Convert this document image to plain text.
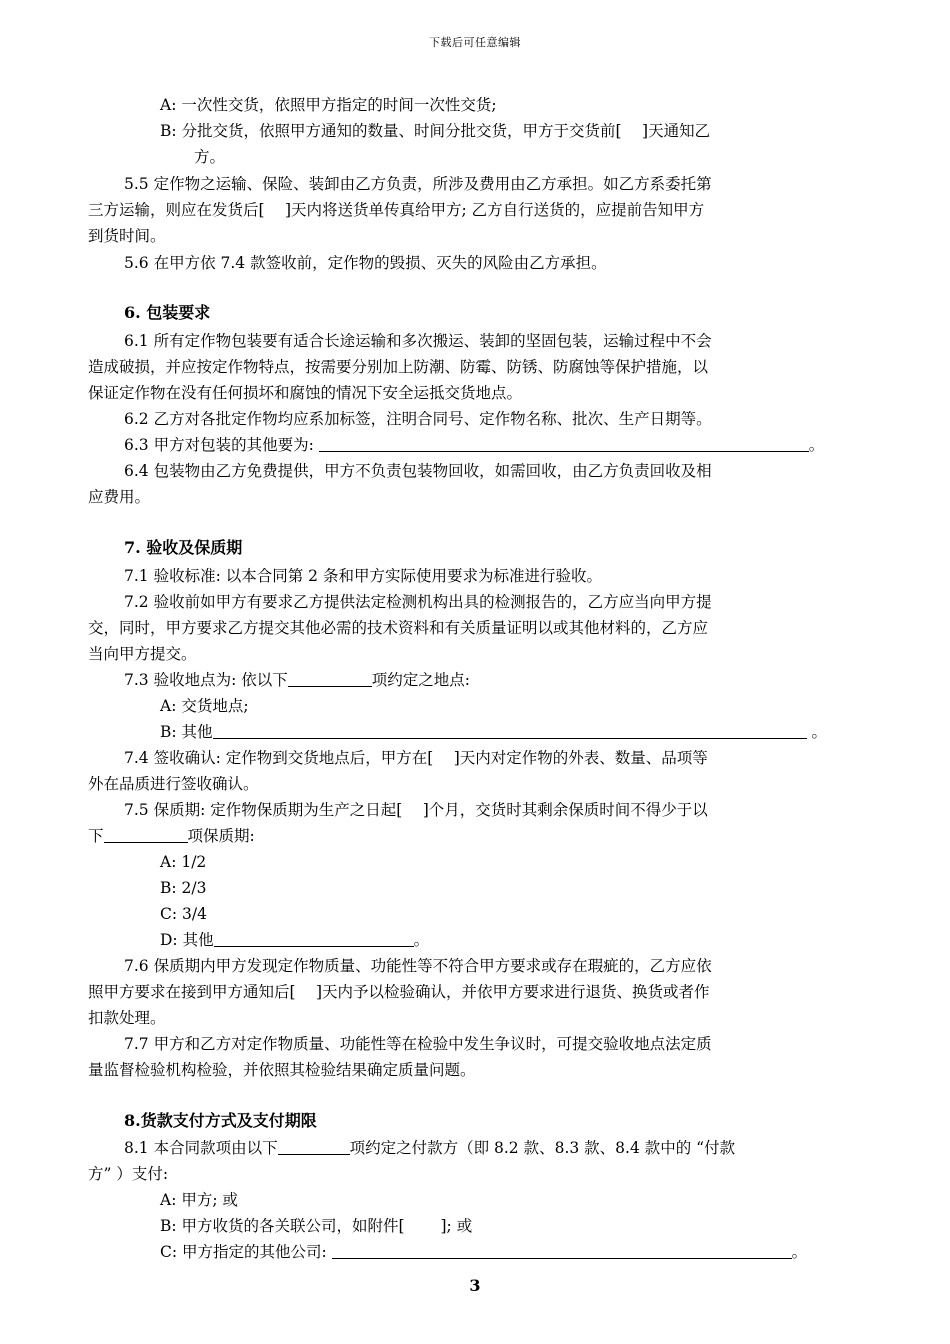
下载后可任意编辑
A: 一次性交货，依照甲方指定的时间一次性交货;
B: 分批交货，依照甲方通知的数量、时间分批交货，甲方于交货前[　 ]天通知乙
方。
5.5 定作物之运输、保险、装卸由乙方负责，所涉及费用由乙方承担。如乙方系委托第
三方运输，则应在发货后[　 ]天内将送货单传真给甲方; 乙方自行送货的，应提前告知甲方
到货时间。
5.6 在甲方依 7.4 款签收前，定作物的毁损、灭失的风险由乙方承担。
6. 包装要求
6.1 所有定作物包装要有适合长途运输和多次搬运、装卸的坚固包装，运输过程中不会
造成破损，并应按定作物特点，按需要分别加上防潮、防霉、防锈、防腐蚀等保护措施，以
保证定作物在没有任何损坏和腐蚀的情况下安全运抵交货地点。
6.2 乙方对各批定作物均应系加标签，注明合同号、定作物名称、批次、生产日期等。
6.3 甲方对包装的其他要为:	。
6.4 包装物由乙方免费提供，甲方不负责包装物回收，如需回收，由乙方负责回收及相
应费用。
7. 验收及保质期
7.1 验收标准: 以本合同第 2 条和甲方实际使用要求为标准进行验收。
7.2 验收前如甲方有要求乙方提供法定检测机构出具的检测报告的，乙方应当向甲方提
交，同时，甲方要求乙方提交其他必需的技术资料和有关质量证明以或其他材料的，乙方应
当向甲方提交。
7.3 验收地点为: 依以下	项约定之地点:
A: 交货地点;
B: 其他	。
7.4 签收确认: 定作物到交货地点后，甲方在[　 ]天内对定作物的外表、数量、品项等
外在品质进行签收确认。
7.5 保质期: 定作物保质期为生产之日起[　 ]个月，交货时其剩余保质时间不得少于以
下	项保质期:
A: 1/2
B: 2/3
C: 3/4
D: 其他	。
7.6 保质期内甲方发现定作物质量、功能性等不符合甲方要求或存在瑕疵的，乙方应依
照甲方要求在接到甲方通知后[　 ]天内予以检验确认，并依甲方要求进行退货、换货或者作
扣款处理。
7.7 甲方和乙方对定作物质量、功能性等在检验中发生争议时，可提交验收地点法定质
量监督检验机构检验，并依照其检验结果确定质量问题。
8.货款支付方式及支付期限
8.1 本合同款项由以下	项约定之付款方（即 8.2 款、8.3 款、8.4 款中的 “付款
方” ）支付:
A: 甲方; 或
B: 甲方收货的各关联公司，如附件[　　 ]; 或
C: 甲方指定的其他公司:	。
3
